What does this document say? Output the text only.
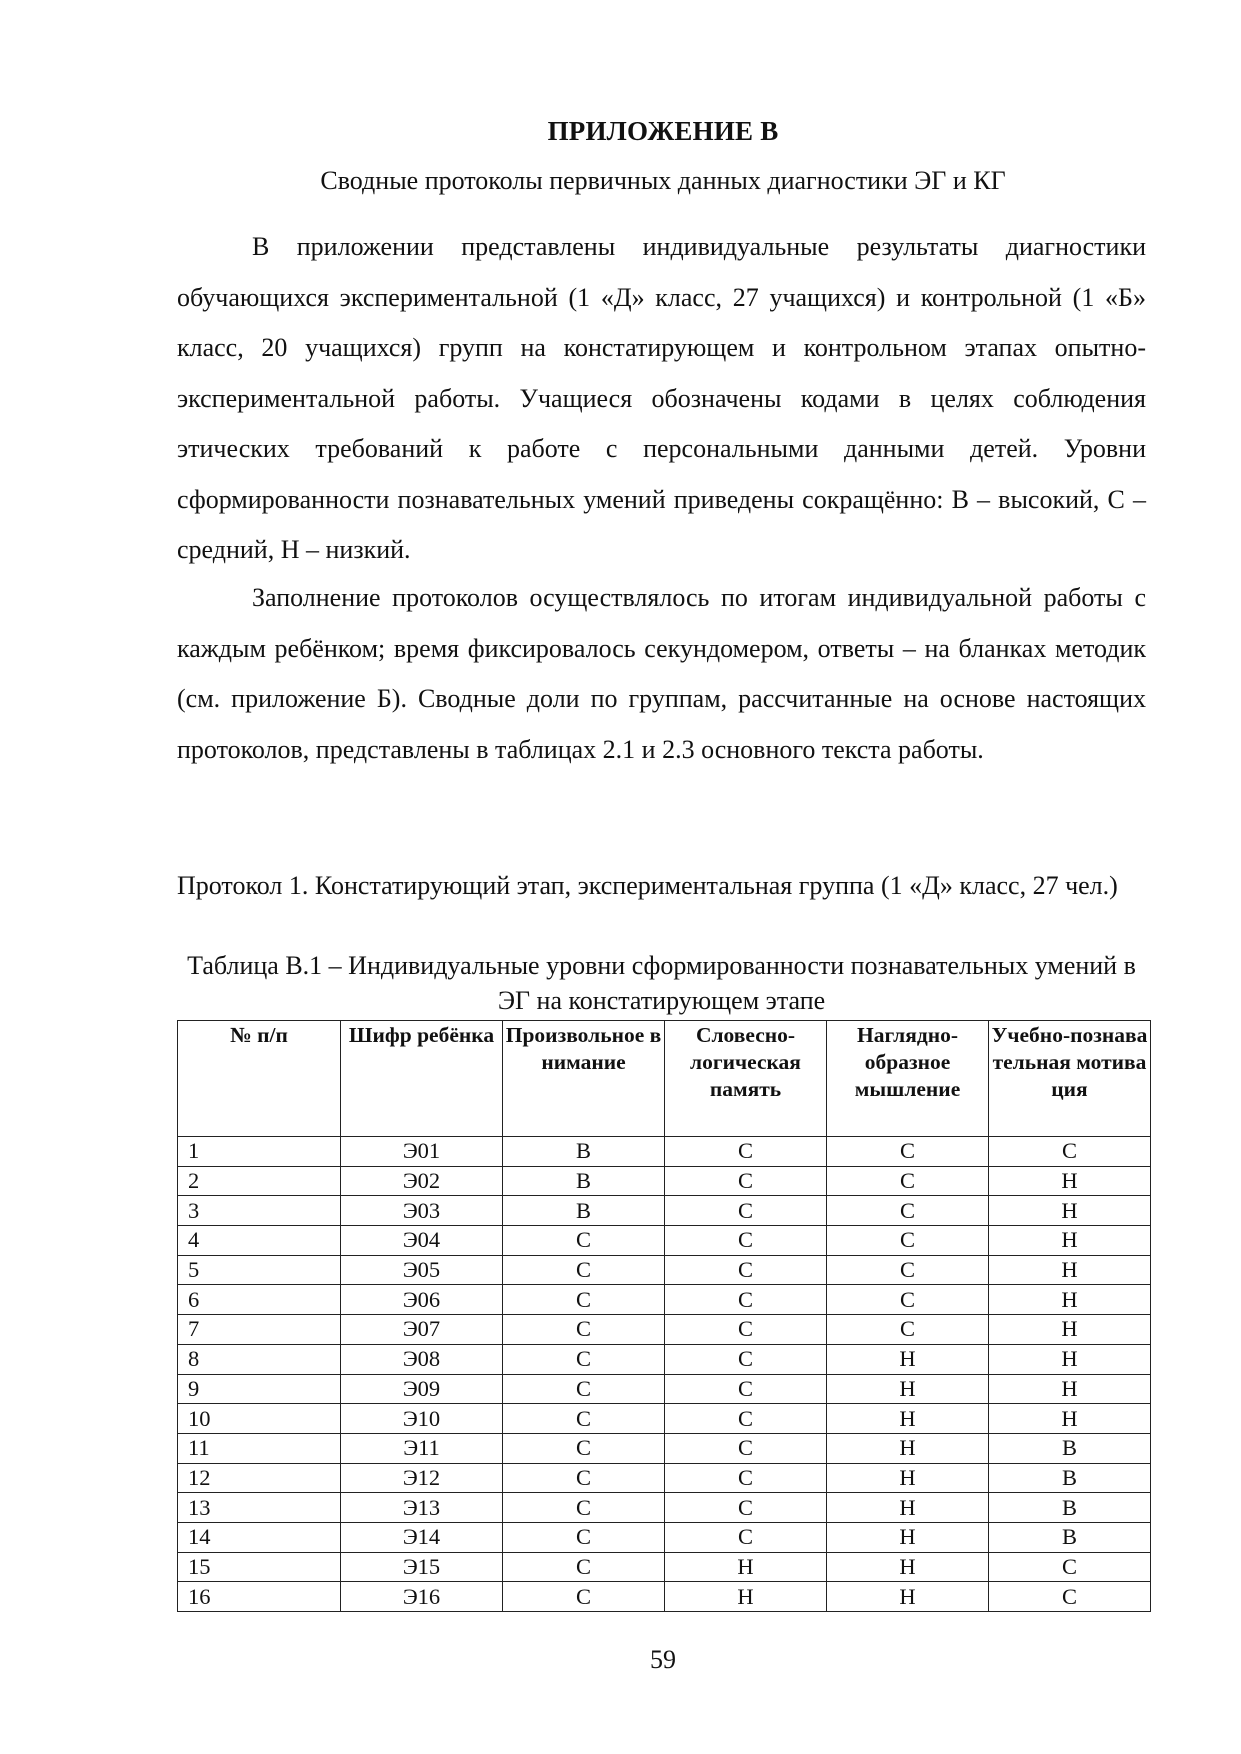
ПРИЛОЖЕНИЕ В
Сводные протоколы первичных данных диагностики ЭГ и КГ
В приложении представлены индивидуальные результаты диагностики обучающихся экспериментальной (1 «Д» класс, 27 учащихся) и контрольной (1 «Б» класс, 20 учащихся) групп на констатирующем и контрольном этапах опытно-экспериментальной работы. Учащиеся обозначены кодами в целях соблюдения этических требований к работе с персональными данными детей. Уровни сформированности познавательных умений приведены сокращённо: В – высокий, С – средний, Н – низкий.
Заполнение протоколов осуществлялось по итогам индивидуальной работы с каждым ребёнком; время фиксировалось секундомером, ответы – на бланках методик (см. приложение Б). Сводные доли по группам, рассчитанные на основе настоящих протоколов, представлены в таблицах 2.1 и 2.3 основного текста работы.
Протокол 1. Констатирующий этап, экспериментальная группа (1 «Д» класс, 27 чел.)
Таблица В.1 – Индивидуальные уровни сформированности познавательных умений в ЭГ на констатирующем этапе
№ п/п	Шифр ребёнка	Произвольное внимание	Словесно-логическая память	Наглядно-образное мышление	Учебно-познавательная мотивация
1	Э01	В	С	С	С
2	Э02	В	С	С	Н
3	Э03	В	С	С	Н
4	Э04	С	С	С	Н
5	Э05	С	С	С	Н
6	Э06	С	С	С	Н
7	Э07	С	С	С	Н
8	Э08	С	С	Н	Н
9	Э09	С	С	Н	Н
10	Э10	С	С	Н	Н
11	Э11	С	С	Н	В
12	Э12	С	С	Н	В
13	Э13	С	С	Н	В
14	Э14	С	С	Н	В
15	Э15	С	Н	Н	С
16	Э16	С	Н	Н	С
59
